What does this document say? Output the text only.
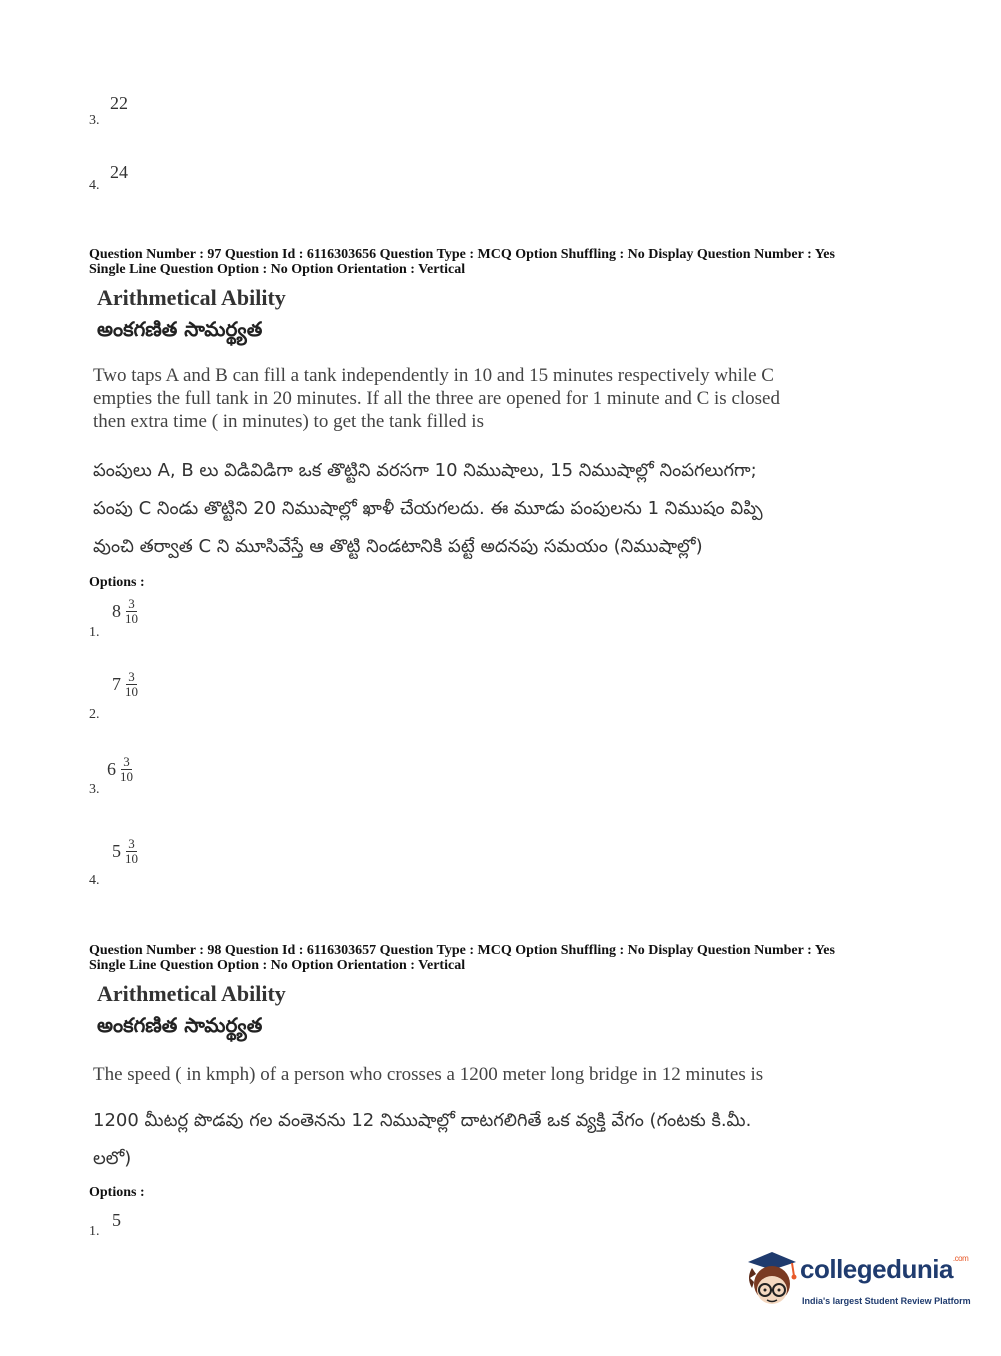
22
3.
24
4.
Question Number : 97 Question Id : 6116303656 Question Type : MCQ Option Shuffling : No Display Question Number : Yes
Single Line Question Option : No Option Orientation : Vertical
Arithmetical Ability
అంకగణిత సామర్థ్యత
Two taps A and B can fill a tank independently in 10 and 15 minutes respectively while C
empties the full tank in 20 minutes. If all the three are opened for 1 minute and C is closed
then extra time ( in minutes) to get the tank filled is
పంపులు A, B లు విడివిడిగా ఒక తొట్టిని వరసగా 10 నిముషాలు, 15 నిముషాల్లో నింపగలుగగా;
పంపు C నిండు తొట్టిని 20 నిముషాల్లో ఖాళీ చేయగలదు. ఈ మూడు పంపులను 1 నిముషం విప్పి
వుంచి తర్వాత C ని మూసివేస్తే ఆ తొట్టి నిండటానికి పట్టే అదనపు సమయం (నిముషాల్లో)
Options :
$8 \frac{3}{10}$
1.
$7 \frac{3}{10}$
2.
$6 \frac{3}{10}$
3.
$5 \frac{3}{10}$
4.
Question Number : 98 Question Id : 6116303657 Question Type : MCQ Option Shuffling : No Display Question Number : Yes
Single Line Question Option : No Option Orientation : Vertical
Arithmetical Ability
అంకగణిత సామర్థ్యత
The speed ( in kmph) of a person who crosses a 1200 meter long bridge in 12 minutes is
1200 మీటర్ల పొడవు గల వంతెనను 12 నిముషాల్లో దాటగలిగితే ఒక వ్యక్తి వేగం (గంటకు కి.మీ.
లలో)
Options :
5
1.
collegedunia$^{.com}$
India's largest Student Review Platform
